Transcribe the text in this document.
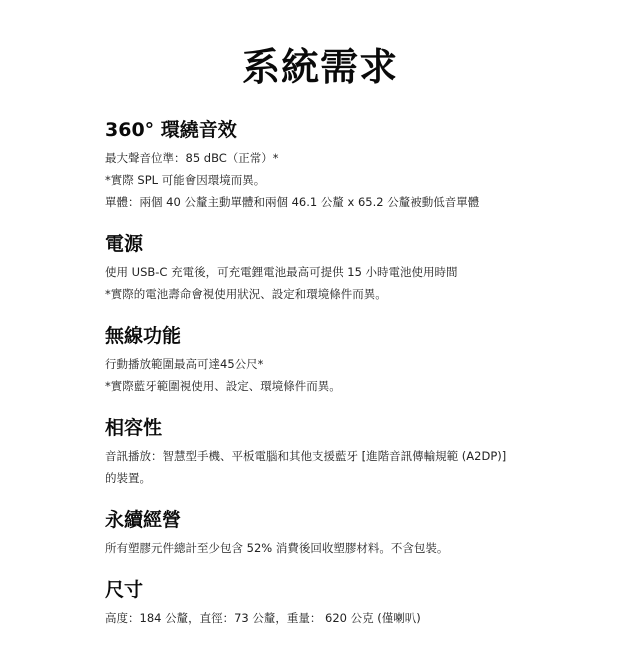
系統需求
360° 環繞音效
最大聲音位準：85 dBC（正常）*
*實際 SPL 可能會因環境而異。
單體：兩個 40 公釐主動單體和兩個 46.1 公釐 x 65.2 公釐被動低音單體
電源
使用 USB-C 充電後，可充電鋰電池最高可提供 15 小時電池使用時間
*實際的電池壽命會視使用狀況、設定和環境條件而異。
無線功能
行動播放範圍最高可達45公尺*
*實際藍牙範圍視使用、設定、環境條件而異。
相容性
音訊播放：智慧型手機、平板電腦和其他支援藍牙 [進階音訊傳輸規範 (A2DP)]
的裝置。
永續經營
所有塑膠元件總計至少包含 52% 消費後回收塑膠材料。不含包裝。
尺寸
高度：184 公釐，直徑：73 公釐，重量： 620 公克 (僅喇叭)
